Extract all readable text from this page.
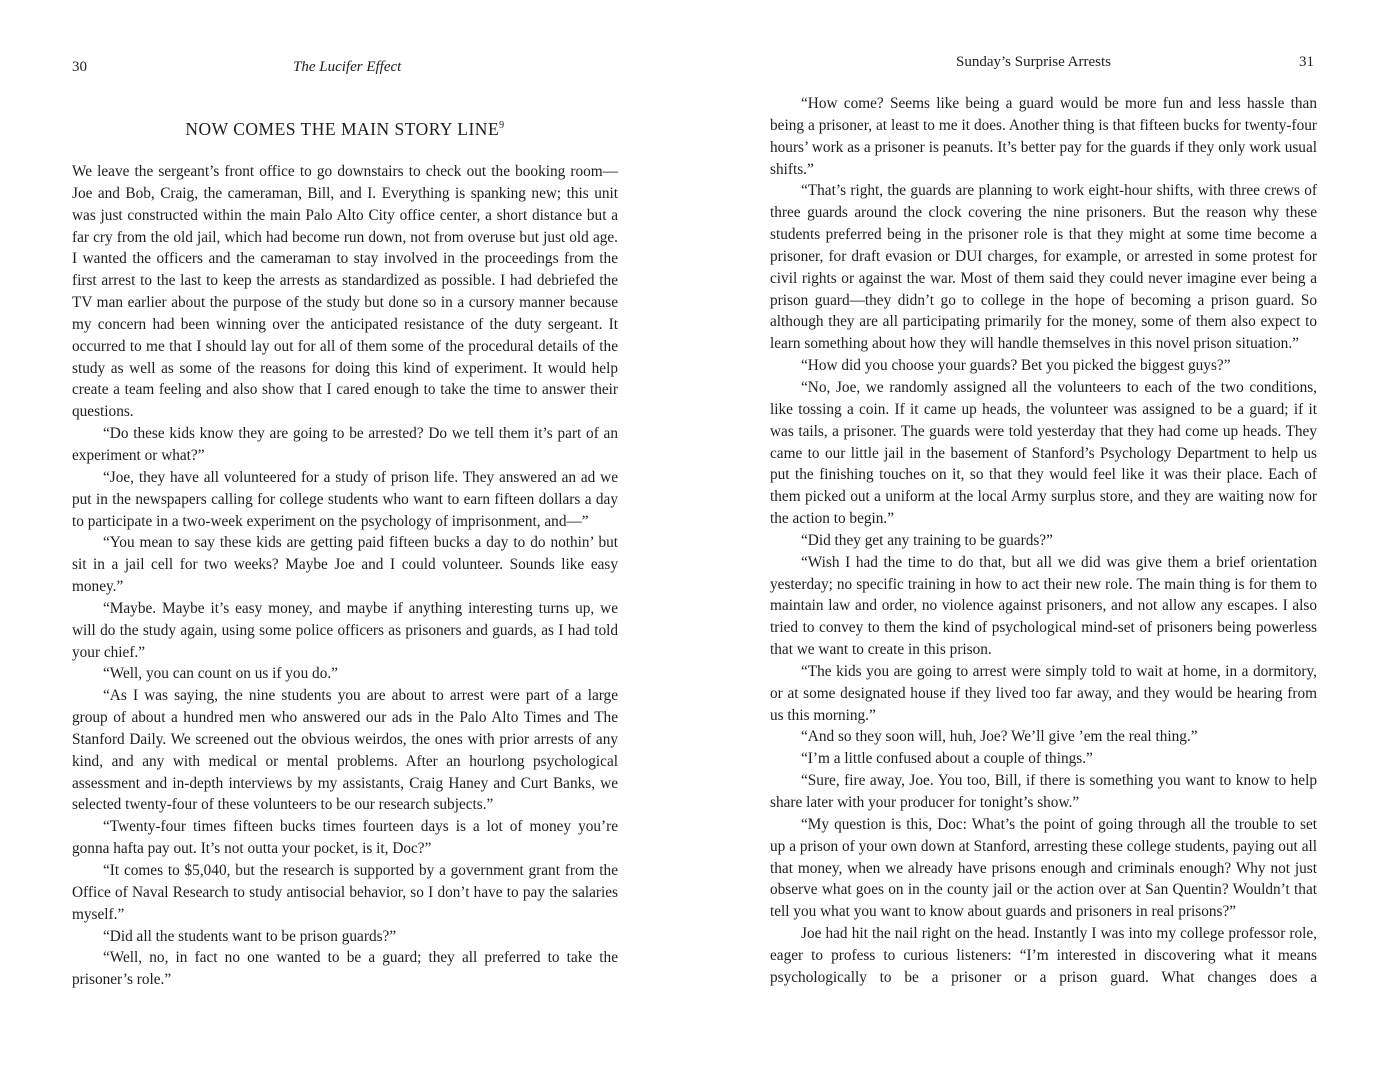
30	The Lucifer Effect
NOW COMES THE MAIN STORY LINE$^9$

We leave the sergeant’s front office to go downstairs to check out the booking room—Joe and Bob, Craig, the cameraman, Bill, and I. Everything is spanking new; this unit was just constructed within the main Palo Alto City office center, a short distance but a far cry from the old jail, which had become run down, not from overuse but just old age. I wanted the officers and the cameraman to stay involved in the proceedings from the first arrest to the last to keep the arrests as standardized as possible. I had debriefed the TV man earlier about the purpose of the study but done so in a cursory manner because my concern had been winning over the anticipated resistance of the duty sergeant. It occurred to me that I should lay out for all of them some of the procedural details of the study as well as some of the reasons for doing this kind of experiment. It would help create a team feeling and also show that I cared enough to take the time to answer their questions.

“Do these kids know they are going to be arrested? Do we tell them it’s part of an experiment or what?”

“Joe, they have all volunteered for a study of prison life. They answered an ad we put in the newspapers calling for college students who want to earn fifteen dollars a day to participate in a two-week experiment on the psychology of imprisonment, and—”

“You mean to say these kids are getting paid fifteen bucks a day to do nothin’ but sit in a jail cell for two weeks? Maybe Joe and I could volunteer. Sounds like easy money.”

“Maybe. Maybe it’s easy money, and maybe if anything interesting turns up, we will do the study again, using some police officers as prisoners and guards, as I had told your chief.”

“Well, you can count on us if you do.”

“As I was saying, the nine students you are about to arrest were part of a large group of about a hundred men who answered our ads in the Palo Alto Times and The Stanford Daily. We screened out the obvious weirdos, the ones with prior arrests of any kind, and any with medical or mental problems. After an hourlong psychological assessment and in-depth interviews by my assistants, Craig Haney and Curt Banks, we selected twenty-four of these volunteers to be our research subjects.”

“Twenty-four times fifteen bucks times fourteen days is a lot of money you’re gonna hafta pay out. It’s not outta your pocket, is it, Doc?”

“It comes to $5,040, but the research is supported by a government grant from the Office of Naval Research to study antisocial behavior, so I don’t have to pay the salaries myself.”

“Did all the students want to be prison guards?”

“Well, no, in fact no one wanted to be a guard; they all preferred to take the prisoner’s role.”

Sunday’s Surprise Arrests	31

“How come? Seems like being a guard would be more fun and less hassle than being a prisoner, at least to me it does. Another thing is that fifteen bucks for twenty-four hours’ work as a prisoner is peanuts. It’s better pay for the guards if they only work usual shifts.”

“That’s right, the guards are planning to work eight-hour shifts, with three crews of three guards around the clock covering the nine prisoners. But the reason why these students preferred being in the prisoner role is that they might at some time become a prisoner, for draft evasion or DUI charges, for example, or arrested in some protest for civil rights or against the war. Most of them said they could never imagine ever being a prison guard—they didn’t go to college in the hope of becoming a prison guard. So although they are all participating primarily for the money, some of them also expect to learn something about how they will handle themselves in this novel prison situation.”

“How did you choose your guards? Bet you picked the biggest guys?”

“No, Joe, we randomly assigned all the volunteers to each of the two conditions, like tossing a coin. If it came up heads, the volunteer was assigned to be a guard; if it was tails, a prisoner. The guards were told yesterday that they had come up heads. They came to our little jail in the basement of Stanford’s Psychology Department to help us put the finishing touches on it, so that they would feel like it was their place. Each of them picked out a uniform at the local Army surplus store, and they are waiting now for the action to begin.”

“Did they get any training to be guards?”

“Wish I had the time to do that, but all we did was give them a brief orientation yesterday; no specific training in how to act their new role. The main thing is for them to maintain law and order, no violence against prisoners, and not allow any escapes. I also tried to convey to them the kind of psychological mind-set of prisoners being powerless that we want to create in this prison.

“The kids you are going to arrest were simply told to wait at home, in a dormitory, or at some designated house if they lived too far away, and they would be hearing from us this morning.”

“And so they soon will, huh, Joe? We’ll give ’em the real thing.”

“I’m a little confused about a couple of things.”

“Sure, fire away, Joe. You too, Bill, if there is something you want to know to help share later with your producer for tonight’s show.”

“My question is this, Doc: What’s the point of going through all the trouble to set up a prison of your own down at Stanford, arresting these college students, paying out all that money, when we already have prisons enough and criminals enough? Why not just observe what goes on in the county jail or the action over at San Quentin? Wouldn’t that tell you what you want to know about guards and prisoners in real prisons?”

Joe had hit the nail right on the head. Instantly I was into my college professor role, eager to profess to curious listeners: “I’m interested in discovering what it means psychologically to be a prisoner or a prison guard. What changes does a
